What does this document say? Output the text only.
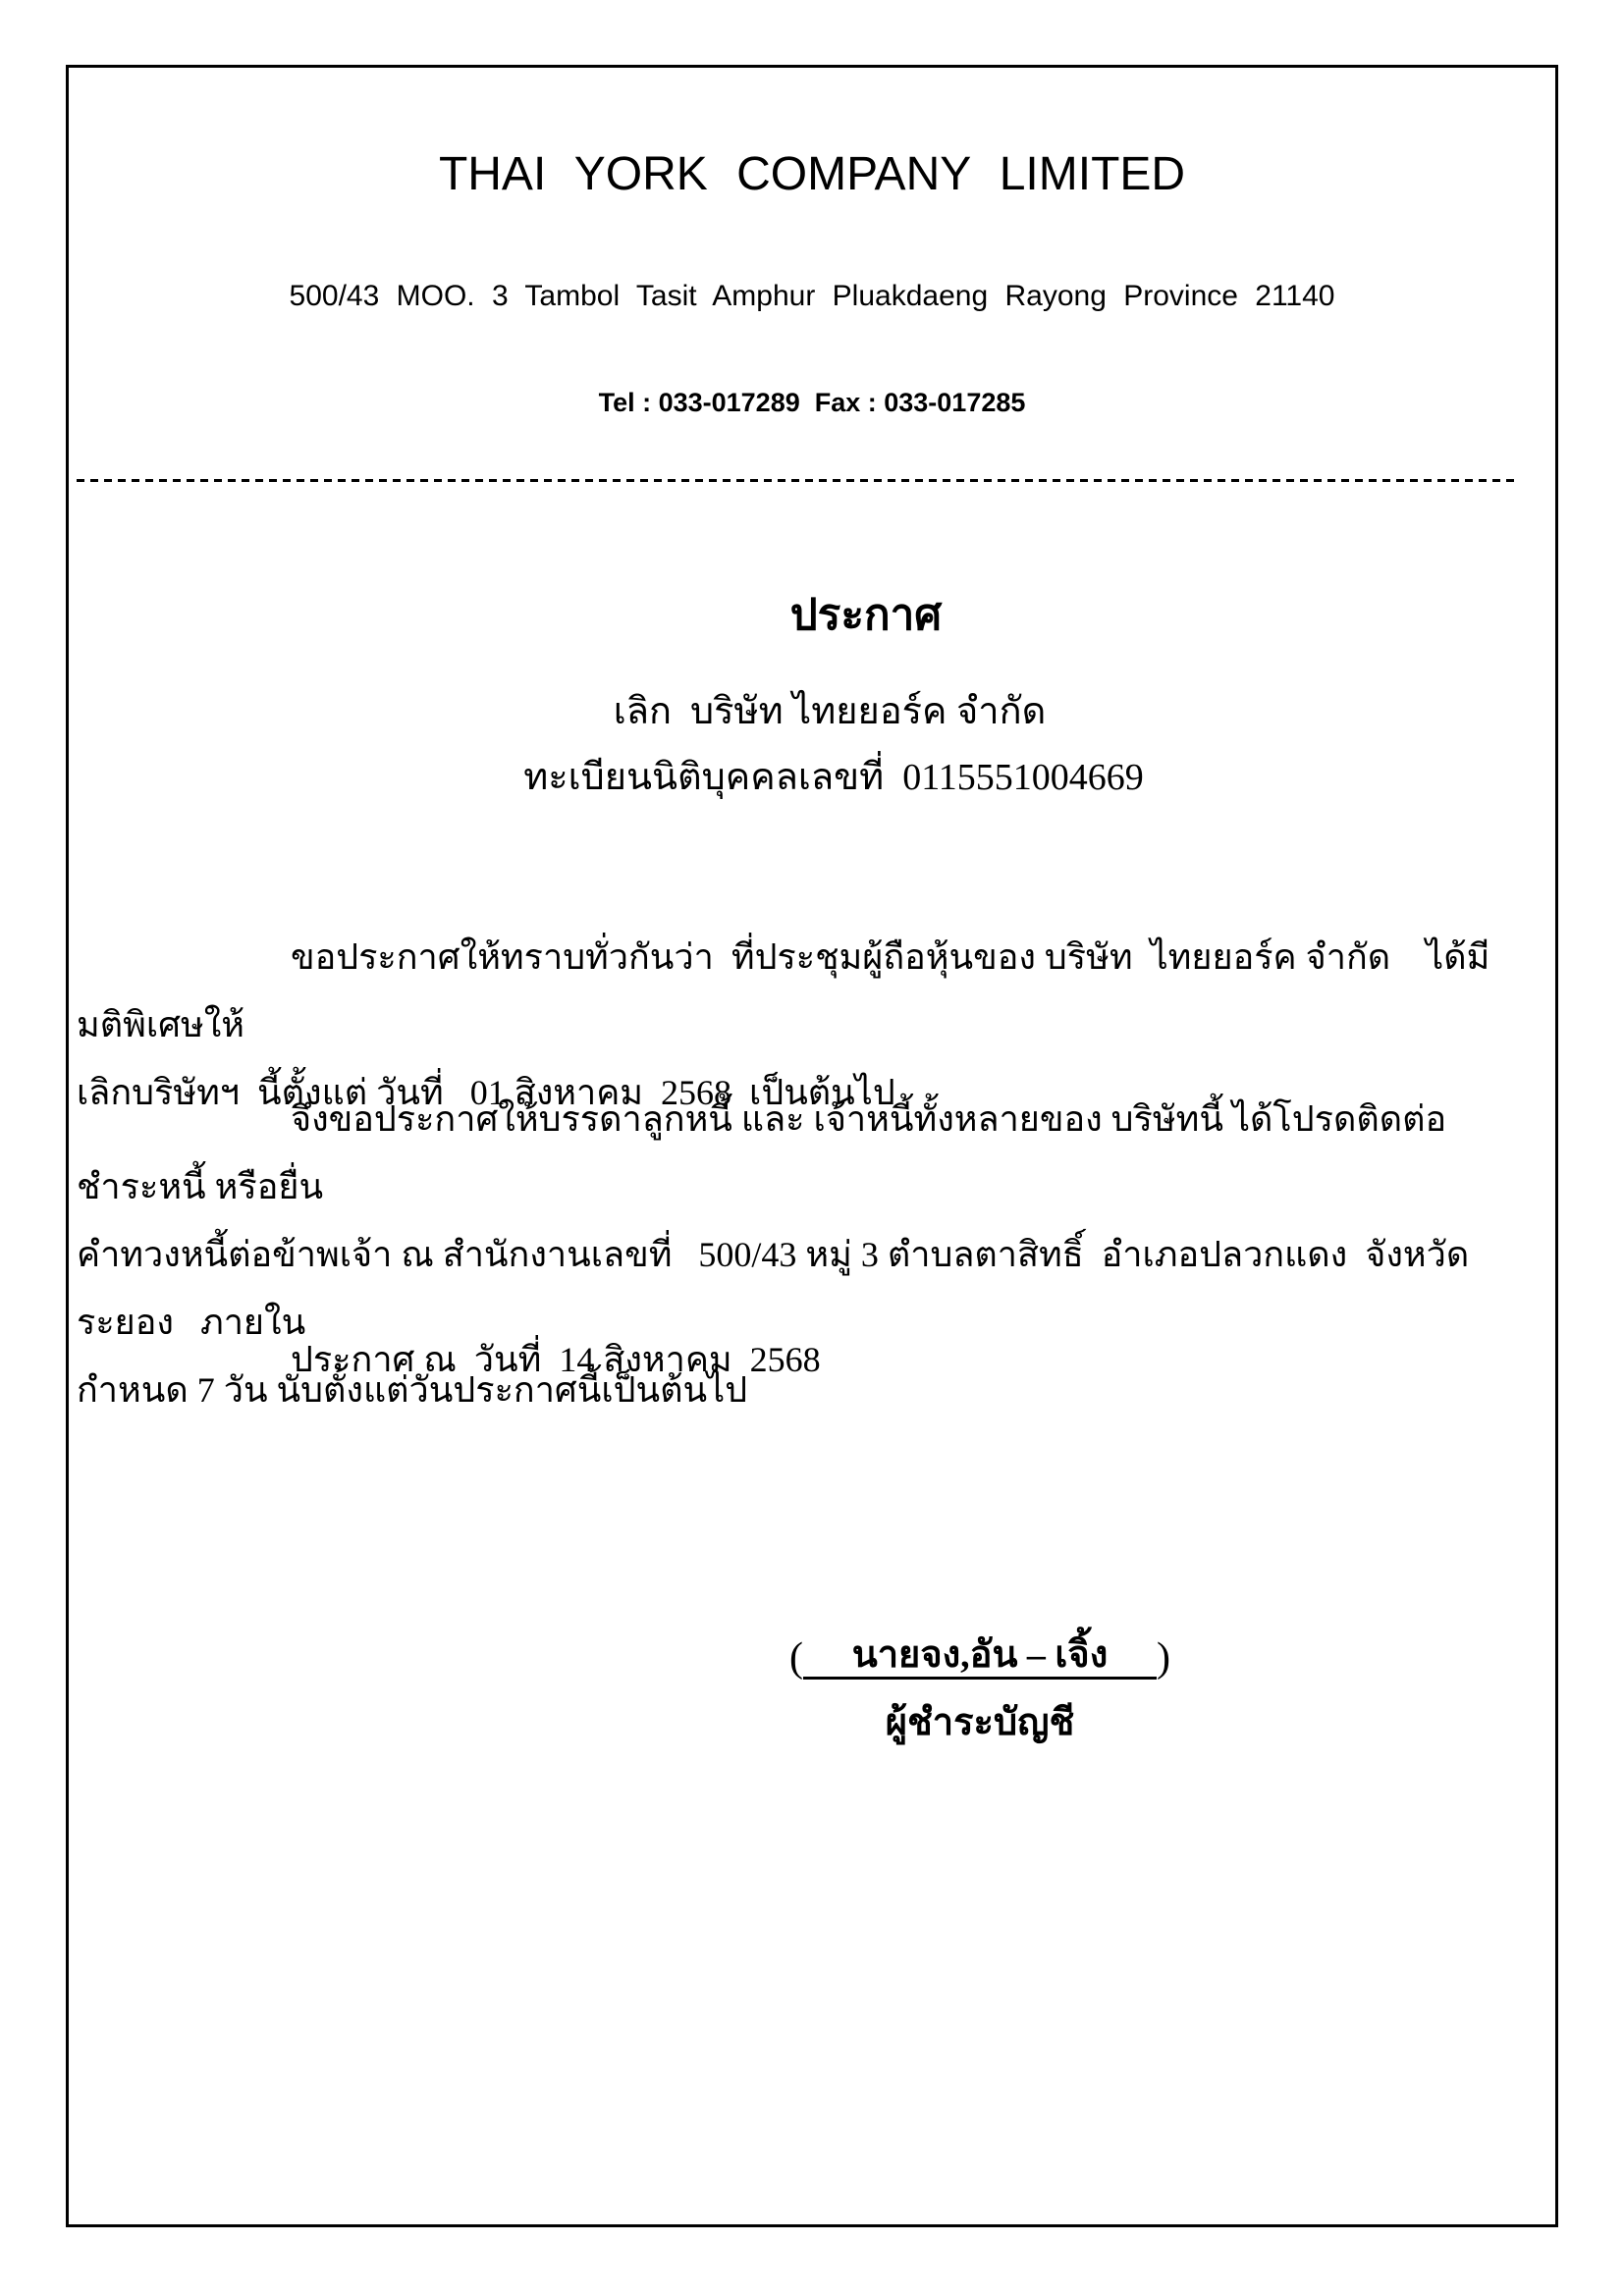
THAI YORK COMPANY LIMITED
500/43 MOO. 3 Tambol Tasit Amphur Pluakdaeng Rayong Province 21140
Tel : 033-017289  Fax : 033-017285
ประกาศ
เลิก  บริษัท ไทยยอร์ค จำกัด
ทะเบียนนิติบุคคลเลขที่  0115551004669
ขอประกาศให้ทราบทั่วกันว่า  ที่ประชุมผู้ถือหุ้นของ บริษัท  ไทยยอร์ค จำกัด    ได้มีมติพิเศษให้
เลิกบริษัทฯ  นี้ตั้งแต่ วันที่   01 สิงหาคม  2568  เป็นต้นไป
จึงขอประกาศให้บรรดาลูกหนี้ และ เจ้าหนี้ทั้งหลายของ บริษัทนี้ ได้โปรดติดต่อชำระหนี้ หรือยื่น
คำทวงหนี้ต่อข้าพเจ้า ณ สำนักงานเลขที่   500/43 หมู่ 3 ตำบลตาสิทธิ์  อำเภอปลวกแดง  จังหวัดระยอง   ภายใน
กำหนด 7 วัน นับตั้งแต่วันประกาศนี้เป็นต้นไป
ประกาศ ณ  วันที่  14 สิงหาคม  2568
(	นายจง,อัน – เจิ้ง	)
ผู้ชำระบัญชี
